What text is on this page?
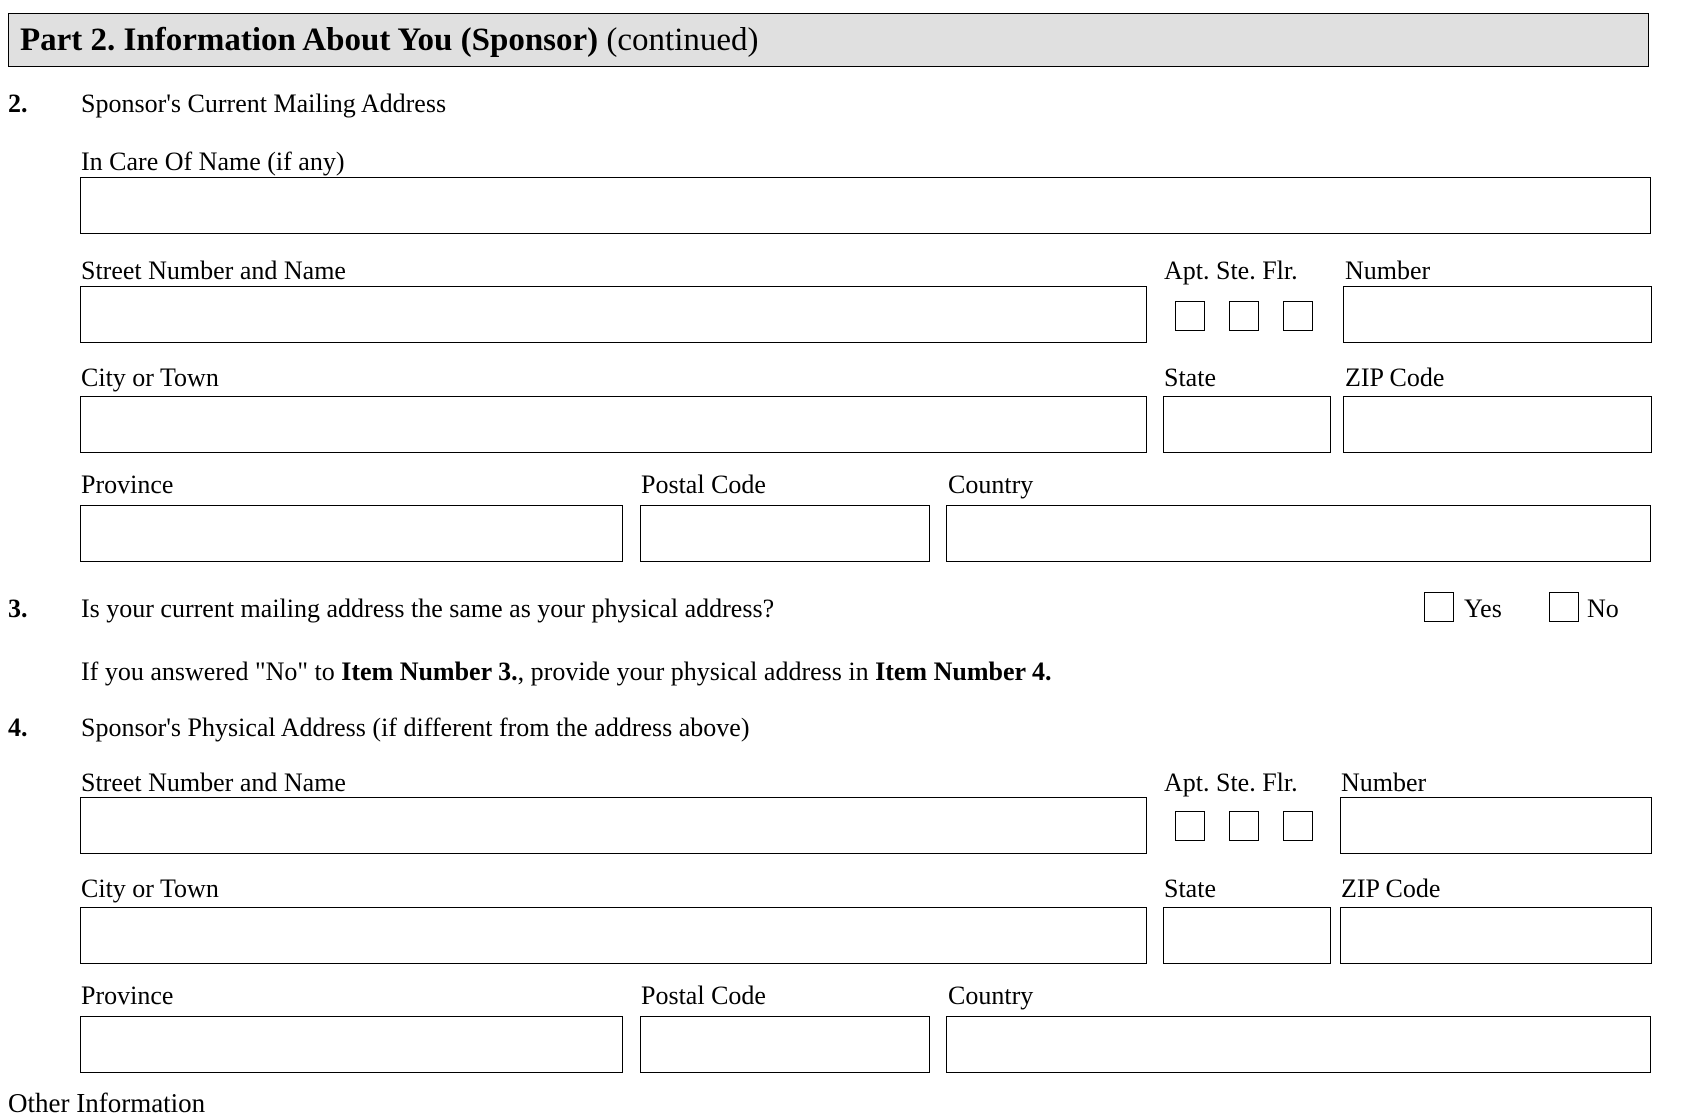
Part 2. Information About You (Sponsor) (continued)
2. Sponsor's Current Mailing Address
In Care Of Name (if any)
Street Number and Name	Apt. Ste. Flr. Number
City or Town	State	ZIP Code
Province	Postal Code	Country
3. Is your current mailing address the same as your physical address?	Yes	No
If you answered "No" to Item Number 3., provide your physical address in Item Number 4.
4. Sponsor's Physical Address (if different from the address above)
Street Number and Name	Apt. Ste. Flr. Number
City or Town	State	ZIP Code
Province	Postal Code	Country
Other Information
